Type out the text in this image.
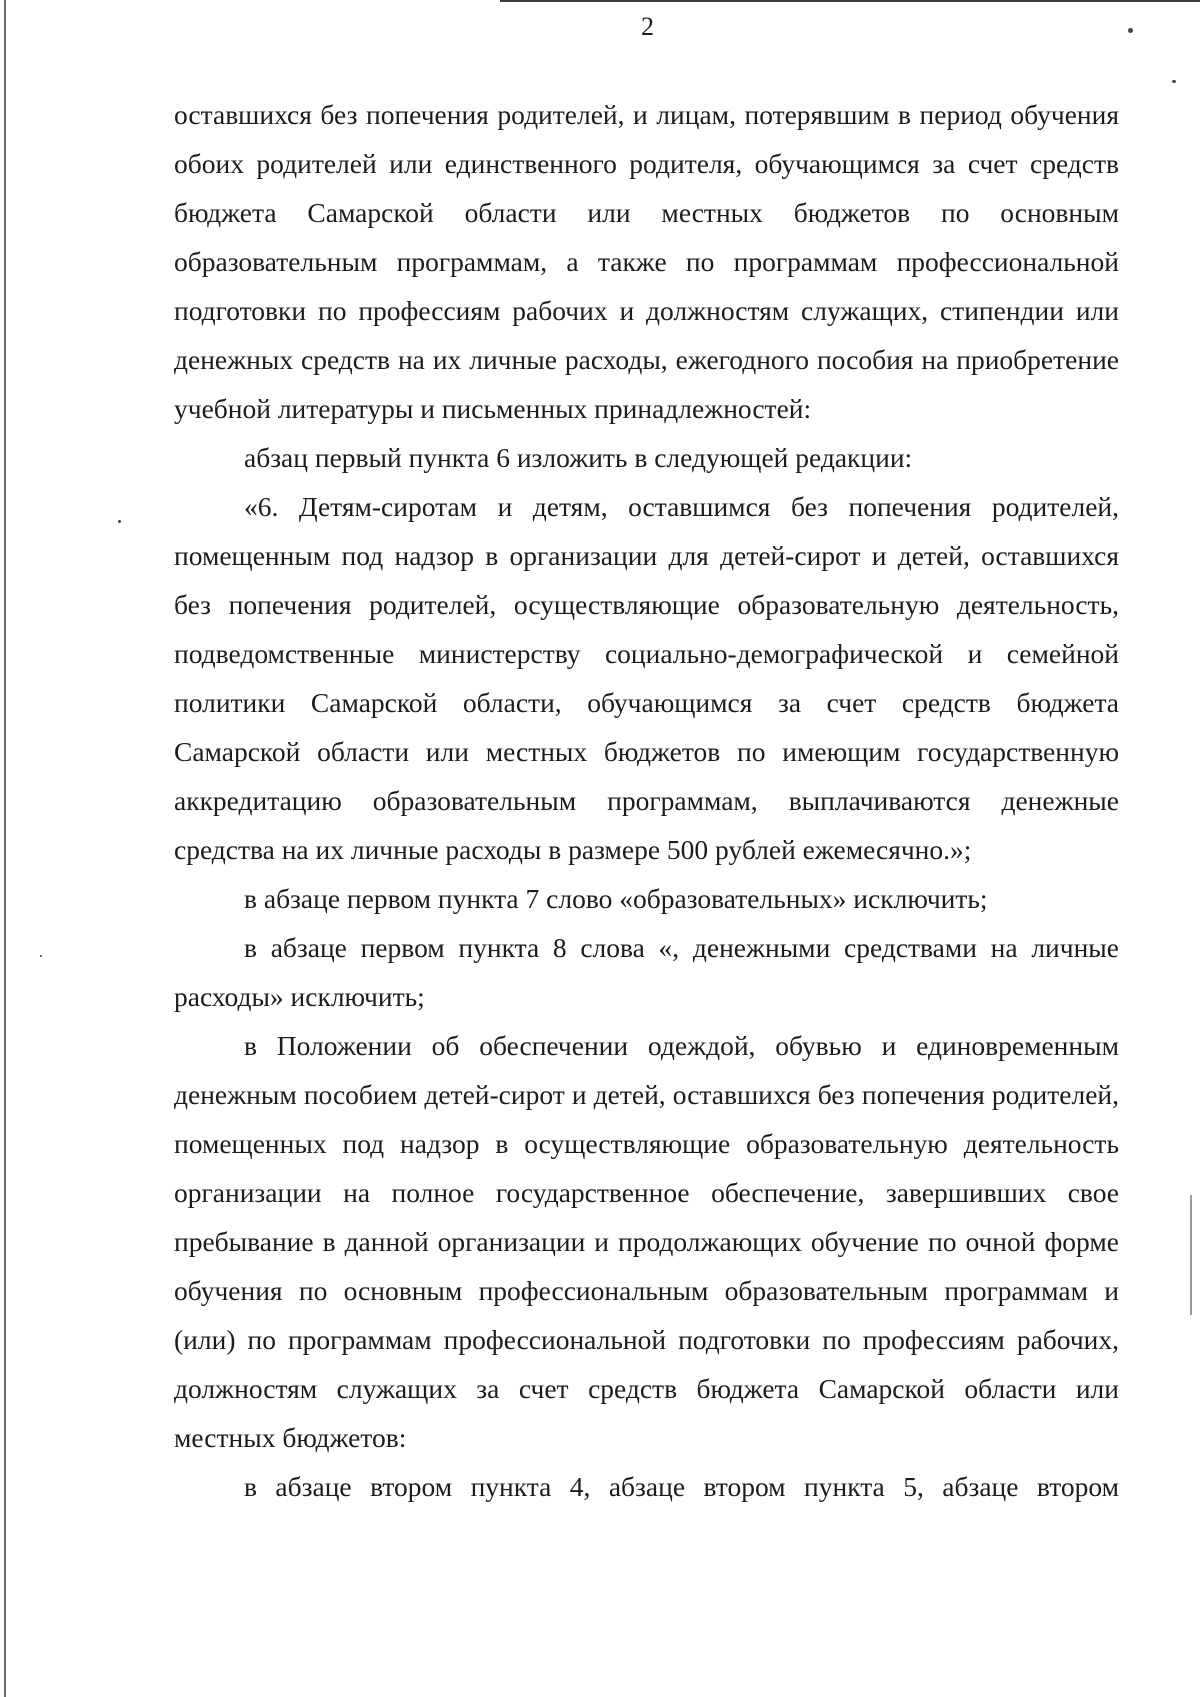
2

оставшихся без попечения родителей, и лицам, потерявшим в период обучения обоих родителей или единственного родителя, обучающимся за счет средств бюджета Самарской области или местных бюджетов по основным образовательным программам, а также по программам профессиональной подготовки по профессиям рабочих и должностям служащих, стипендии или денежных средств на их личные расходы, ежегодного пособия на приобретение учебной литературы и письменных принадлежностей:

абзац первый пункта 6 изложить в следующей редакции:

«6. Детям-сиротам и детям, оставшимся без попечения родителей, помещенным под надзор в организации для детей-сирот и детей, оставшихся без попечения родителей, осуществляющие образовательную деятельность, подведомственные министерству социально-демографической и семейной политики Самарской области, обучающимся за счет средств бюджета Самарской области или местных бюджетов по имеющим государственную аккредитацию образовательным программам, выплачиваются денежные средства на их личные расходы в размере 500 рублей ежемесячно.»;

в абзаце первом пункта 7 слово «образовательных» исключить;

в абзаце первом пункта 8 слова «, денежными средствами на личные расходы» исключить;

в Положении об обеспечении одеждой, обувью и единовременным денежным пособием детей-сирот и детей, оставшихся без попечения родителей, помещенных под надзор в осуществляющие образовательную деятельность организации на полное государственное обеспечение, завершивших свое пребывание в данной организации и продолжающих обучение по очной форме обучения по основным профессиональным образовательным программам и (или) по программам профессиональной подготовки по профессиям рабочих, должностям служащих за счет средств бюджета Самарской области или местных бюджетов:

в абзаце втором пункта 4, абзаце втором пункта 5, абзаце втором
